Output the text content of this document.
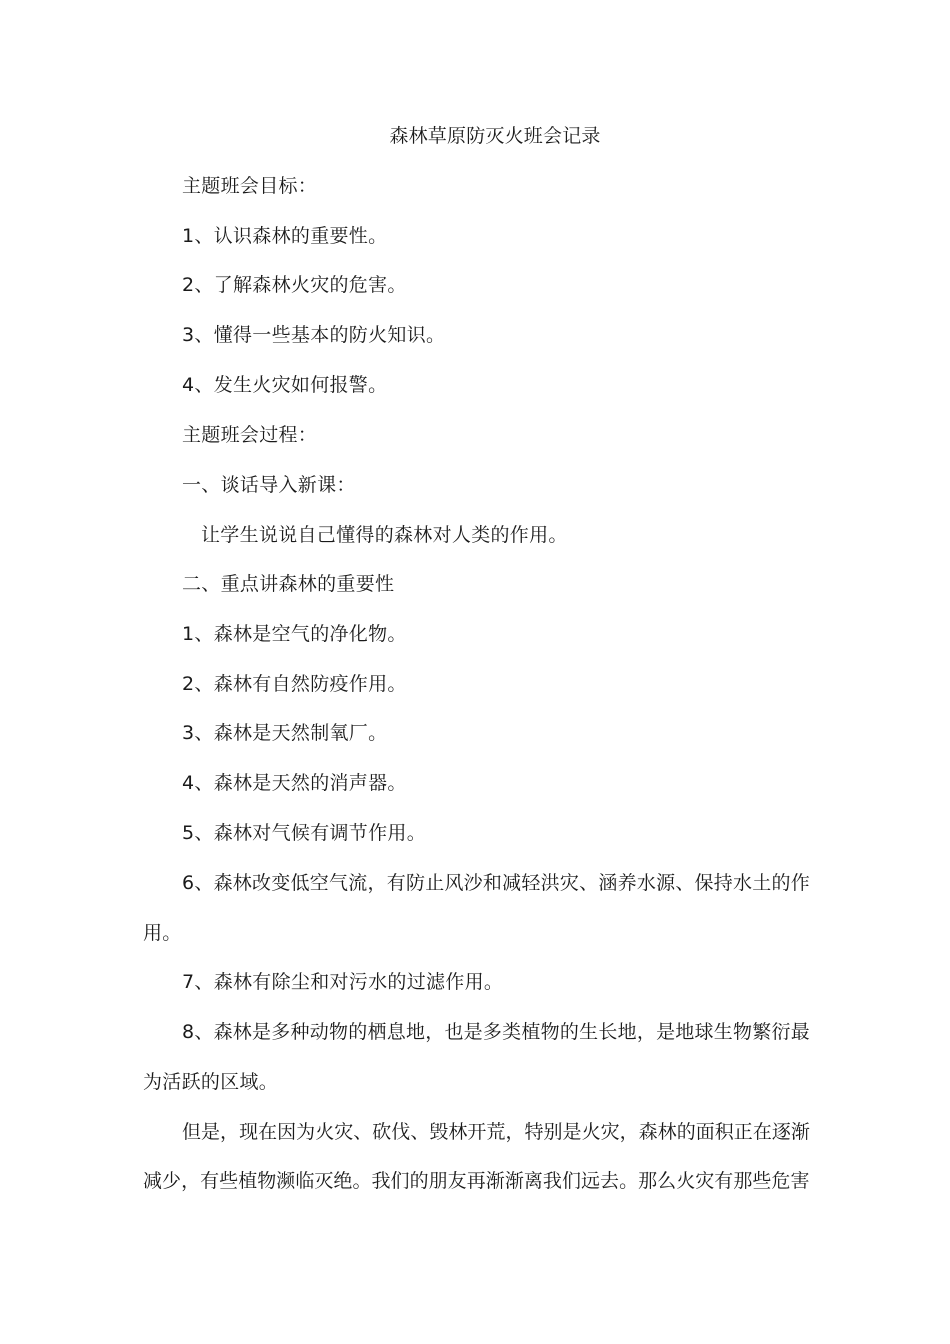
森林草原防灭火班会记录
主题班会目标：
1、认识森林的重要性。
2、了解森林火灾的危害。
3、懂得一些基本的防火知识。
4、发生火灾如何报警。
主题班会过程：
一、谈话导入新课：
让学生说说自己懂得的森林对人类的作用。
二、重点讲森林的重要性
1、森林是空气的净化物。
2、森林有自然防疫作用。
3、森林是天然制氧厂。
4、森林是天然的消声器。
5、森林对气候有调节作用。
6、森林改变低空气流，有防止风沙和减轻洪灾、涵养水源、保持水土的作
用。
7、森林有除尘和对污水的过滤作用。
8、森林是多种动物的栖息地，也是多类植物的生长地，是地球生物繁衍最
为活跃的区域。
但是，现在因为火灾、砍伐、毁林开荒，特别是火灾，森林的面积正在逐渐
减少，有些植物濒临灭绝。我们的朋友再渐渐离我们远去。那么火灾有那些危害
